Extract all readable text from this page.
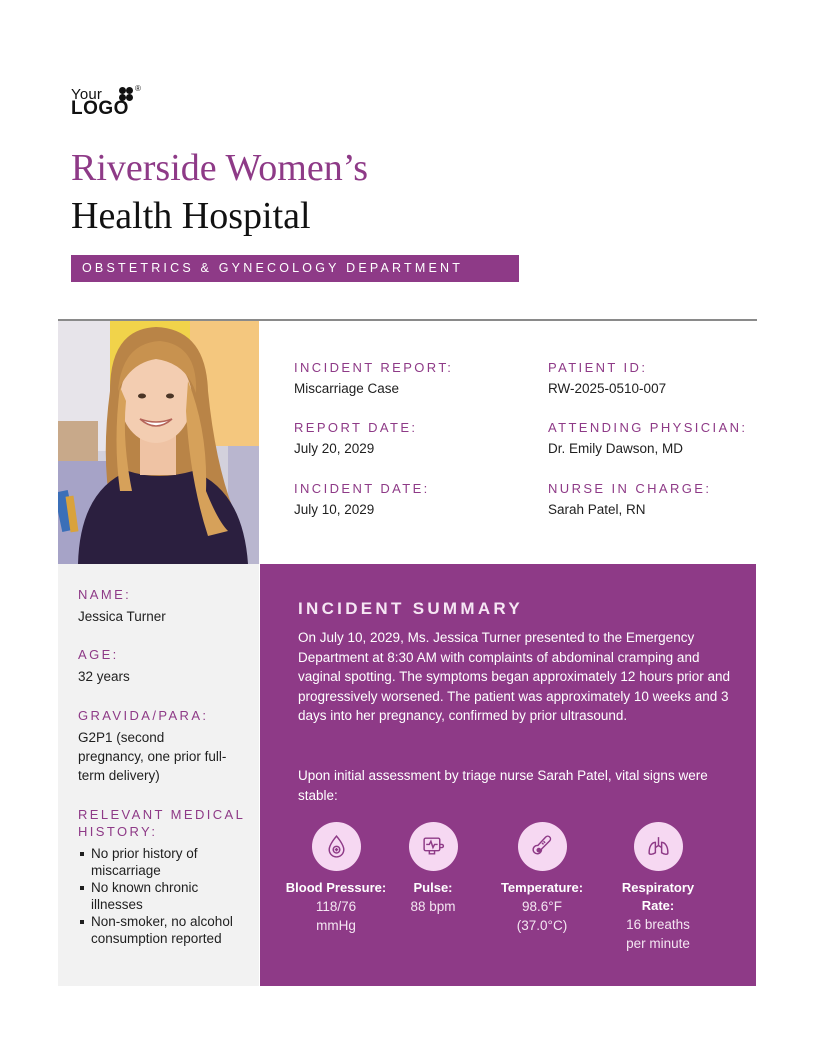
Your	®
LOGO
Riverside Women’s
Health Hospital
OBSTETRICS & GYNECOLOGY DEPARTMENT
INCIDENT REPORT:
Miscarriage Case
REPORT DATE:
July 20, 2029
INCIDENT DATE:
July 10, 2029
PATIENT ID:
RW-2025-0510-007
ATTENDING PHYSICIAN:
Dr. Emily Dawson, MD
NURSE IN CHARGE:
Sarah Patel, RN
NAME:
Jessica Turner
AGE:
32 years
GRAVIDA/PARA:
G2P1 (second pregnancy, one prior full-term delivery)
RELEVANT MEDICAL HISTORY:
No prior history of miscarriage
No known chronic illnesses
Non-smoker, no alcohol consumption reported
INCIDENT SUMMARY
On July 10, 2029, Ms. Jessica Turner presented to the Emergency Department at 8:30 AM with complaints of abdominal cramping and vaginal spotting. The symptoms began approximately 12 hours prior and progressively worsened. The patient was approximately 10 weeks and 3 days into her pregnancy, confirmed by prior ultrasound.
Upon initial assessment by triage nurse Sarah Patel, vital signs were stable:
Blood Pressure:
118/76 mmHg
Pulse:
88 bpm
Temperature:
98.6°F (37.0°C)
Respiratory Rate:
16 breaths per minute
